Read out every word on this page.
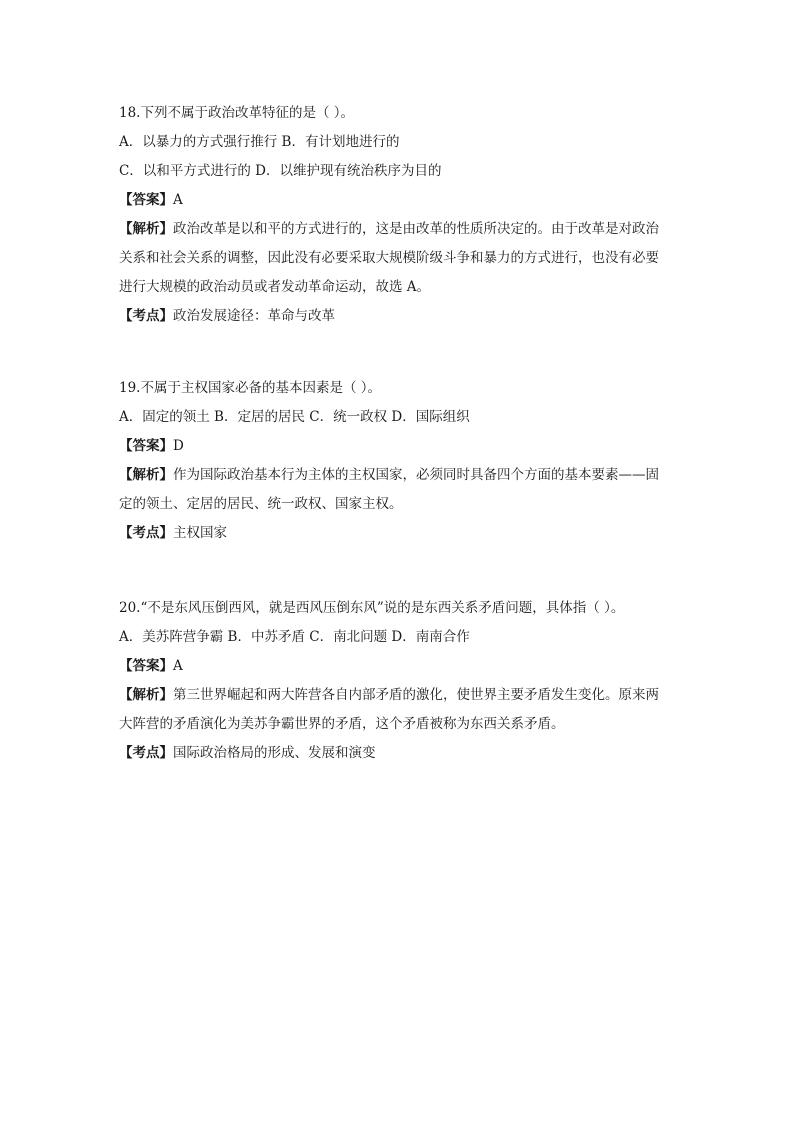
18.下列不属于政治改革特征的是（ ）。
A．以暴力的方式强行推行 B．有计划地进行的
C．以和平方式进行的 D．以维护现有统治秩序为目的
【答案】A
【解析】政治改革是以和平的方式进行的，这是由改革的性质所决定的。由于改革是对政治
关系和社会关系的调整，因此没有必要采取大规模阶级斗争和暴力的方式进行，也没有必要
进行大规模的政治动员或者发动革命运动，故选 A。
【考点】政治发展途径：革命与改革
19.不属于主权国家必备的基本因素是（ ）。
A．固定的领土 B．定居的居民 C．统一政权 D．国际组织
【答案】D
【解析】作为国际政治基本行为主体的主权国家，必须同时具备四个方面的基本要素——固
定的领土、定居的居民、统一政权、国家主权。
【考点】主权国家
20.“不是东风压倒西风，就是西风压倒东风”说的是东西关系矛盾问题，具体指（ ）。
A．美苏阵营争霸 B．中苏矛盾 C．南北问题 D．南南合作
【答案】A
【解析】第三世界崛起和两大阵营各自内部矛盾的激化，使世界主要矛盾发生变化。原来两
大阵营的矛盾演化为美苏争霸世界的矛盾，这个矛盾被称为东西关系矛盾。
【考点】国际政治格局的形成、发展和演变
